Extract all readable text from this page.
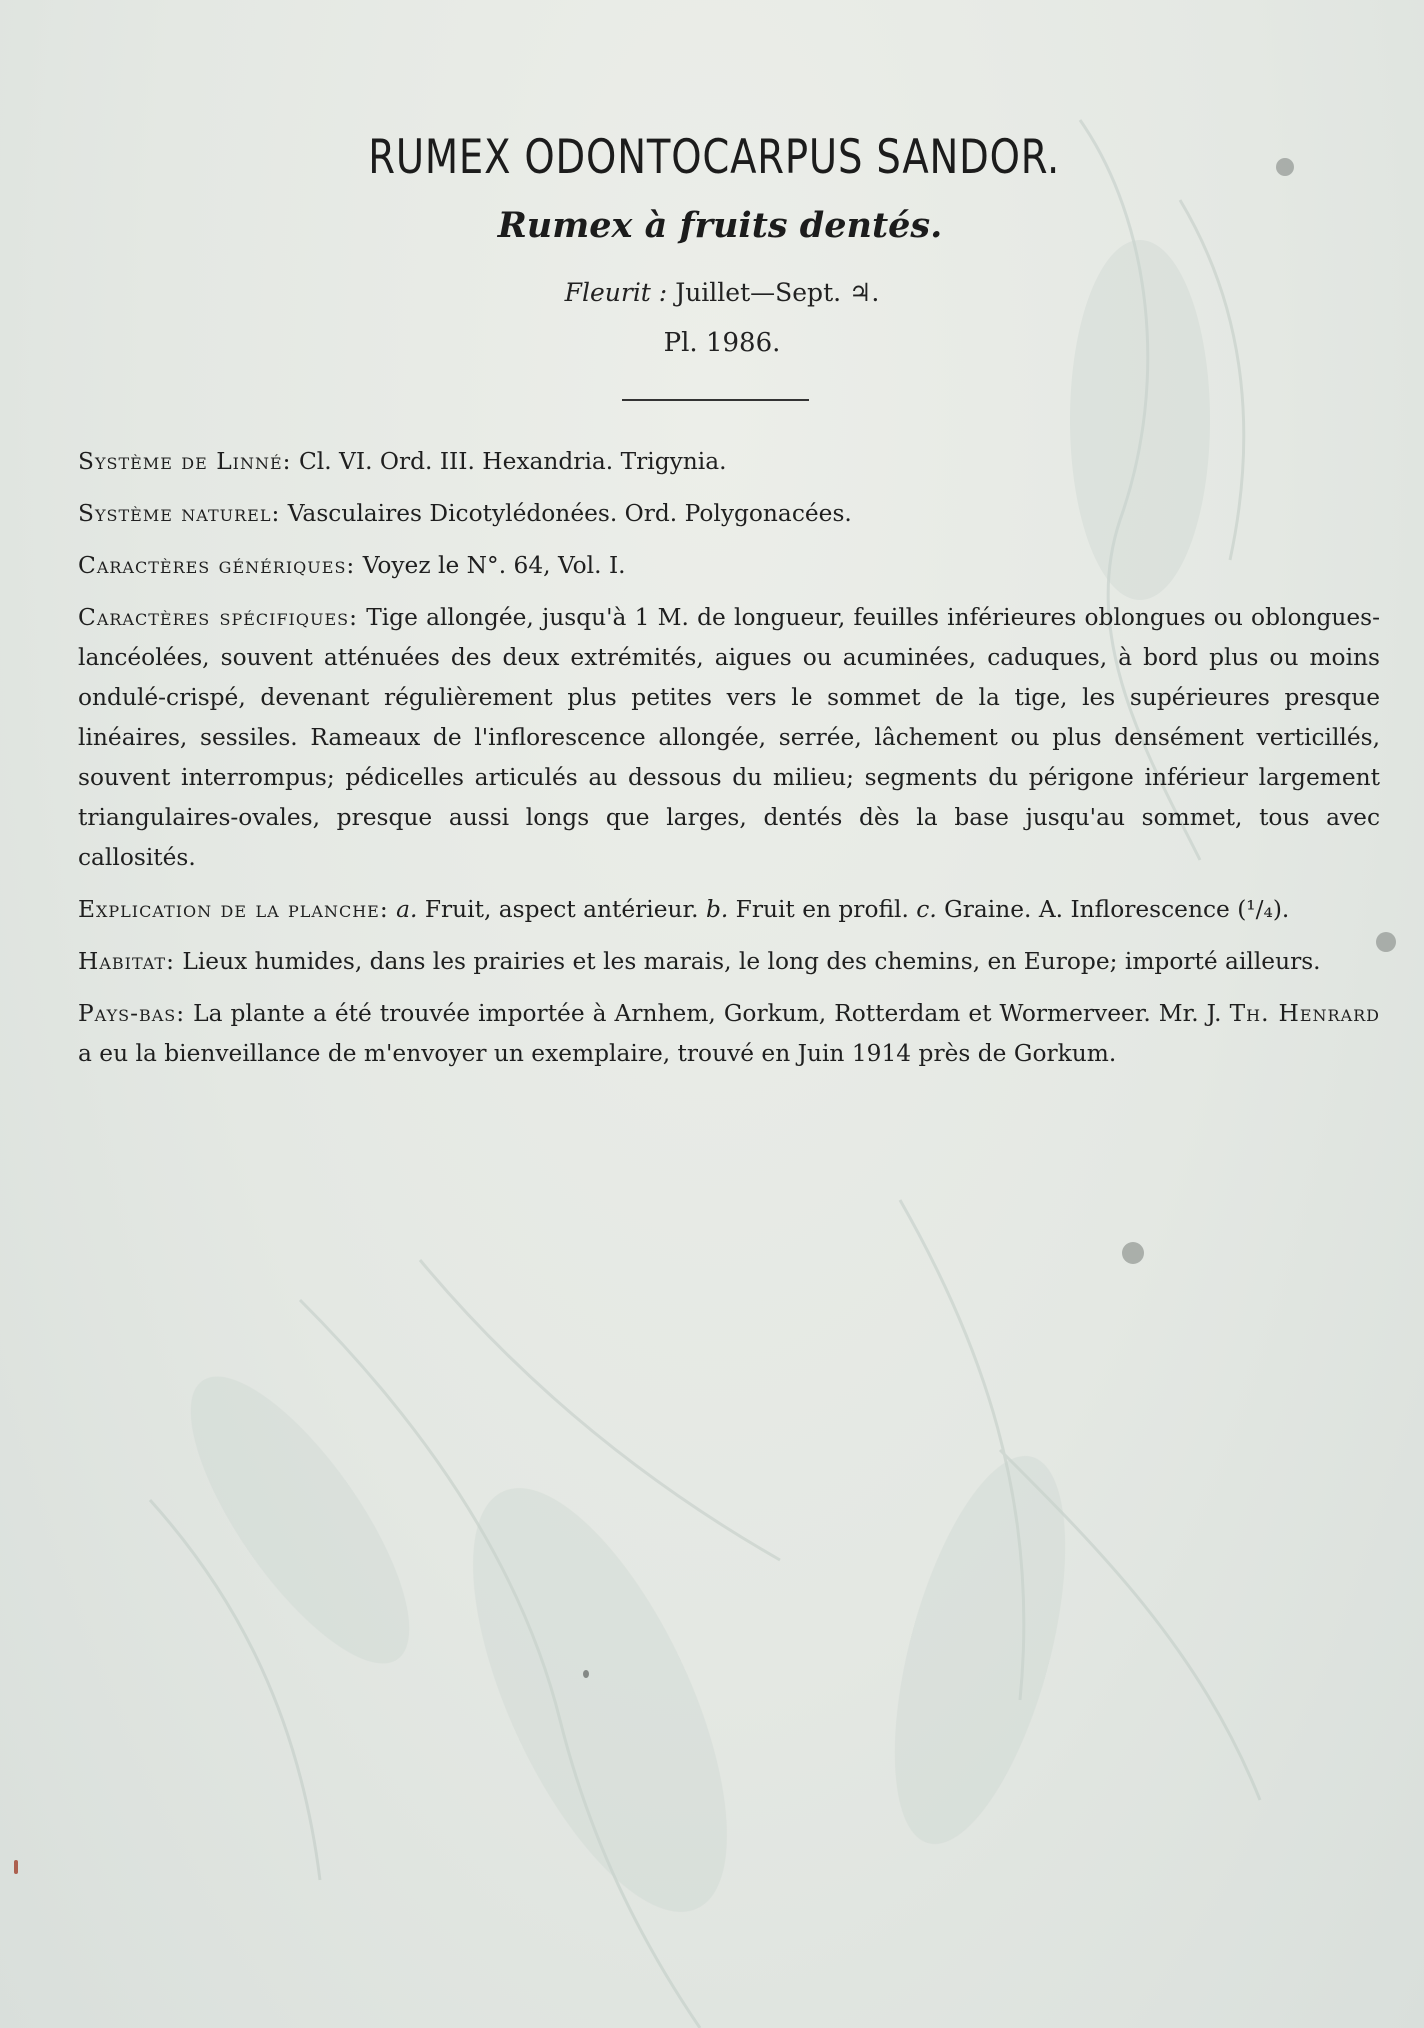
RUMEX ODONTOCARPUS SANDOR.
Rumex à fruits dentés.
Fleurit : Juillet—Sept. ♃.
Pl. 1986.

Système de Linné: Cl. VI. Ord. III. Hexandria. Trigynia.

Système naturel: Vasculaires Dicotylédonées. Ord. Polygonacées.

Caractères génériques: Voyez le N°. 64, Vol. I.

Caractères spécifiques: Tige allongée, jusqu'à 1 M. de longueur, feuilles inférieures oblongues ou oblongues-lancéolées, souvent atténuées des deux extrémités, aigues ou acuminées, caduques, à bord plus ou moins ondulé-crispé, devenant régulièrement plus petites vers le sommet de la tige, les supérieures presque linéaires, sessiles. Rameaux de l'inflorescence allongée, serrée, lâchement ou plus densément verticillés, souvent interrompus; pédicelles articulés au dessous du milieu; segments du périgone inférieur largement triangulaires-ovales, presque aussi longs que larges, dentés dès la base jusqu'au sommet, tous avec callosités.

Explication de la planche: a. Fruit, aspect antérieur. b. Fruit en profil. c. Graine. A. Inflorescence (¹/₄).

Habitat: Lieux humides, dans les prairies et les marais, le long des chemins, en Europe; importé ailleurs.

Pays-bas: La plante a été trouvée importée à Arnhem, Gorkum, Rotterdam et Wormerveer. Mr. J. Th. Henrard a eu la bienveillance de m'envoyer un exemplaire, trouvé en Juin 1914 près de Gorkum.
